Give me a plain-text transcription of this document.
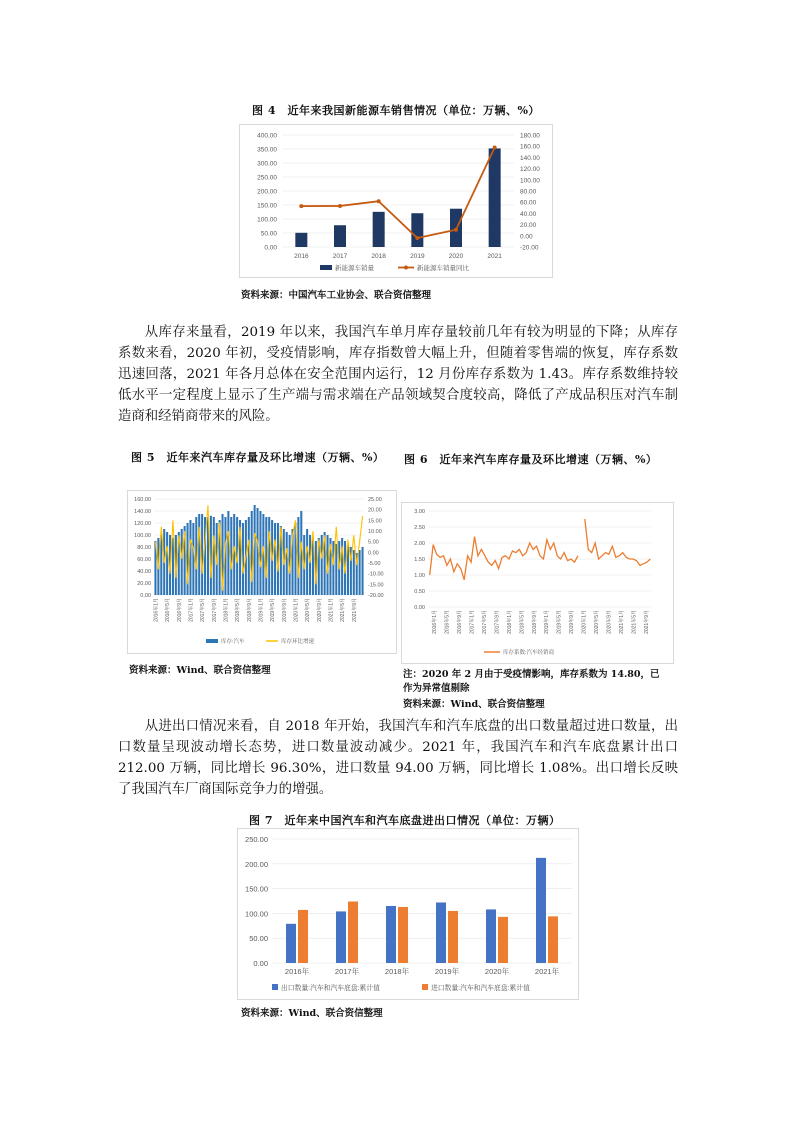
图 4　近年来我国新能源车销售情况（单位：万辆、%）
0.00
50.00
100.00
150.00
200.00
250.00
300.00
350.00
400.00
-20.00
0.00
20.00
40.00
60.00
80.00
100.00
120.00
140.00
160.00
180.00
2016	2017	2018	2019	2020	2021
新能源车销量	新能源车销量同比
资料来源：中国汽车工业协会、联合资信整理

从库存来量看，2019 年以来，我国汽车单月库存量较前几年有较为明显的下降；从库存系数来看，2020 年初，受疫情影响，库存指数曾大幅上升，但随着零售端的恢复，库存系数迅速回落，2021 年各月总体在安全范围内运行，12 月份库存系数为 1.43。库存系数维持较低水平一定程度上显示了生产端与需求端在产品领域契合度较高，降低了产成品积压对汽车制造商和经销商带来的风险。

图 5　近年来汽车库存量及环比增速（万辆、%）
0.00
20.00
40.00
60.00
80.00
100.00
120.00
140.00
160.00
-20.00
-15.00
-10.00
-5.00
0.00
5.00
10.00
15.00
20.00
25.00
2016年1月 2016年5月 2016年9月 2017年1月 2017年5月 2017年9月 2018年1月 2018年5月 2018年9月 2019年1月 2019年5月 2019年9月 2020年1月 2020年5月 2020年9月 2021年1月 2021年5月 2021年9月
库存:汽车	库存环比增速
资料来源：Wind、联合资信整理
图 6　近年来汽车库存量及环比增速（万辆、%）
0.00
0.50
1.00
1.50
2.00
2.50
3.00
2016年1月 2016年5月 2016年9月 2017年1月 2017年5月 2017年9月 2018年1月 2018年5月 2018年9月 2019年1月 2019年5月 2019年9月 2020年1月 2020年5月 2020年9月 2021年1月 2021年5月 2021年9月
库存系数:汽车经销商
注：2020 年 2 月由于受疫情影响，库存系数为 14.80，已作为异常值剔除
资料来源：Wind、联合资信整理

从进出口情况来看，自 2018 年开始，我国汽车和汽车底盘的出口数量超过进口数量，出口数量呈现波动增长态势，进口数量波动减少。2021 年，我国汽车和汽车底盘累计出口 212.00 万辆，同比增长 96.30%，进口数量 94.00 万辆，同比增长 1.08%。出口增长反映了我国汽车厂商国际竞争力的增强。

图 7　近年来中国汽车和汽车底盘进出口情况（单位：万辆）
0.00
50.00
100.00
150.00
200.00
250.00
2016年	2017年	2018年	2019年	2020年	2021年
出口数量:汽车和汽车底盘:累计值	进口数量:汽车和汽车底盘:累计值
资料来源：Wind、联合资信整理
